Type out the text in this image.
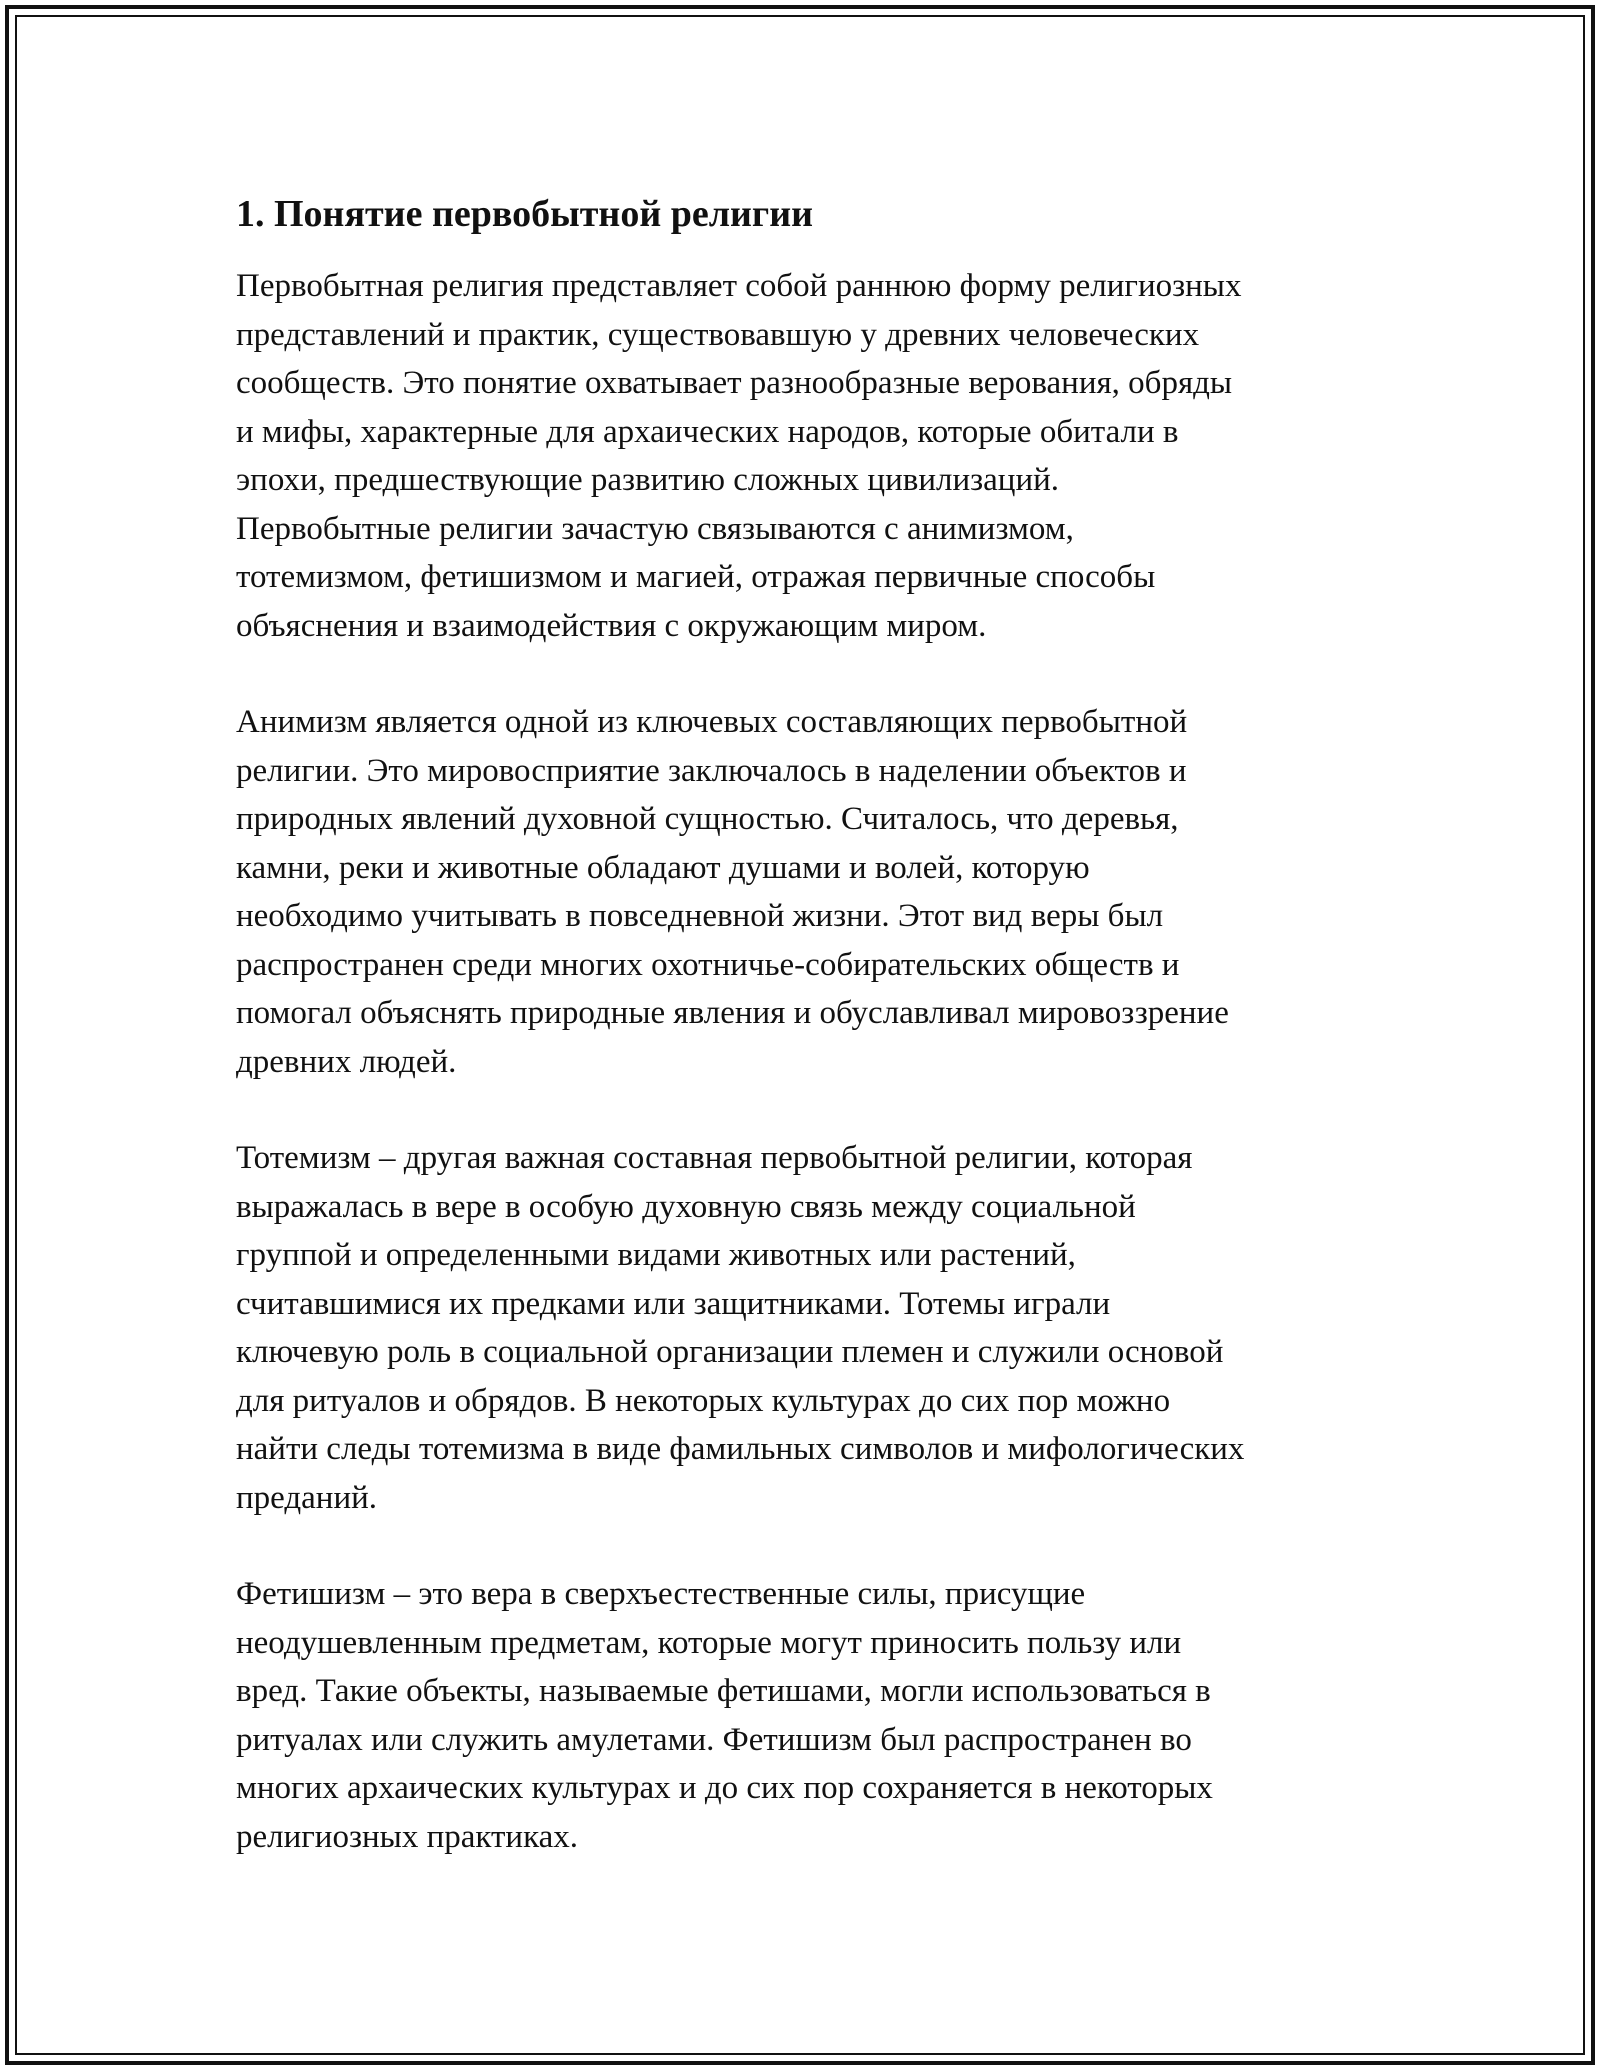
1. Понятие первобытной религии

Первобытная религия представляет собой раннюю форму религиозных
представлений и практик, существовавшую у древних человеческих
сообществ. Это понятие охватывает разнообразные верования, обряды
и мифы, характерные для архаических народов, которые обитали в
эпохи, предшествующие развитию сложных цивилизаций.
Первобытные религии зачастую связываются с анимизмом,
тотемизмом, фетишизмом и магией, отражая первичные способы
объяснения и взаимодействия с окружающим миром.

Анимизм является одной из ключевых составляющих первобытной
религии. Это мировосприятие заключалось в наделении объектов и
природных явлений духовной сущностью. Считалось, что деревья,
камни, реки и животные обладают душами и волей, которую
необходимо учитывать в повседневной жизни. Этот вид веры был
распространен среди многих охотничье-собирательских обществ и
помогал объяснять природные явления и обуславливал мировоззрение
древних людей.

Тотемизм – другая важная составная первобытной религии, которая
выражалась в вере в особую духовную связь между социальной
группой и определенными видами животных или растений,
считавшимися их предками или защитниками. Тотемы играли
ключевую роль в социальной организации племен и служили основой
для ритуалов и обрядов. В некоторых культурах до сих пор можно
найти следы тотемизма в виде фамильных символов и мифологических
преданий.

Фетишизм – это вера в сверхъестественные силы, присущие
неодушевленным предметам, которые могут приносить пользу или
вред. Такие объекты, называемые фетишами, могли использоваться в
ритуалах или служить амулетами. Фетишизм был распространен во
многих архаических культурах и до сих пор сохраняется в некоторых
религиозных практиках.
